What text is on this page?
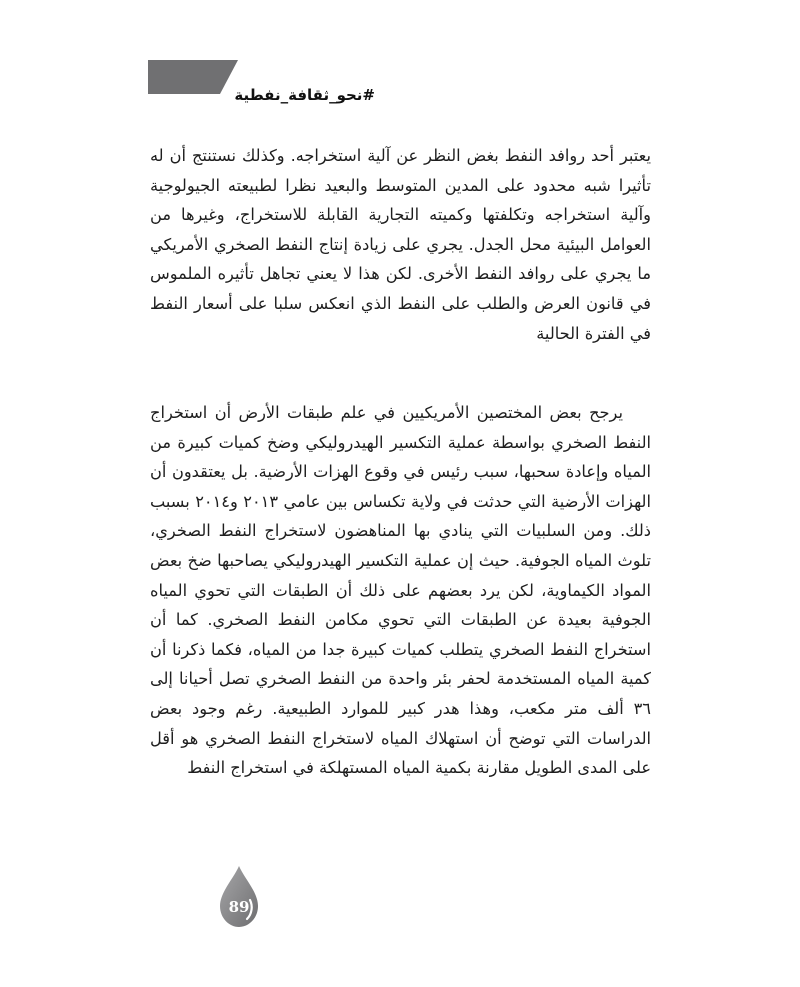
#نحو_ثقافة_نفطية

يعتبر أحد روافد النفط بغض النظر عن آلية استخراجه. وكذلك نستنتج أن له تأثيرا شبه محدود على المدين المتوسط والبعيد نظرا لطبيعته الجيولوجية وآلية استخراجه وتكلفتها وكميته التجارية القابلة للاستخراج، وغيرها من العوامل البيئية محل الجدل. يجري على زيادة إنتاج النفط الصخري الأمريكي ما يجري على روافد النفط الأخرى. لكن هذا لا يعني تجاهل تأثيره الملموس في قانون العرض والطلب على النفط الذي انعكس سلبا على أسعار النفط في الفترة الحالية

يرجح بعض المختصين الأمريكيين في علم طبقات الأرض أن استخراج النفط الصخري بواسطة عملية التكسير الهيدروليكي وضخ كميات كبيرة من المياه وإعادة سحبها، سبب رئيس في وقوع الهزات الأرضية. بل يعتقدون أن الهزات الأرضية التي حدثت في ولاية تكساس بين عامي ٢٠١٣ و٢٠١٤ بسبب ذلك. ومن السلبيات التي ينادي بها المناهضون لاستخراج النفط الصخري، تلوث المياه الجوفية. حيث إن عملية التكسير الهيدروليكي يصاحبها ضخ بعض المواد الكيماوية، لكن يرد بعضهم على ذلك أن الطبقات التي تحوي المياه الجوفية بعيدة عن الطبقات التي تحوي مكامن النفط الصخري. كما أن استخراج النفط الصخري يتطلب كميات كبيرة جدا من المياه، فكما ذكرنا أن كمية المياه المستخدمة لحفر بئر واحدة من النفط الصخري تصل أحيانا إلى ٣٦ ألف متر مكعب، وهذا هدر كبير للموارد الطبيعية. رغم وجود بعض الدراسات التي توضح أن استهلاك المياه لاستخراج النفط الصخري هو أقل على المدى الطويل مقارنة بكمية المياه المستهلكة في استخراج النفط

89
